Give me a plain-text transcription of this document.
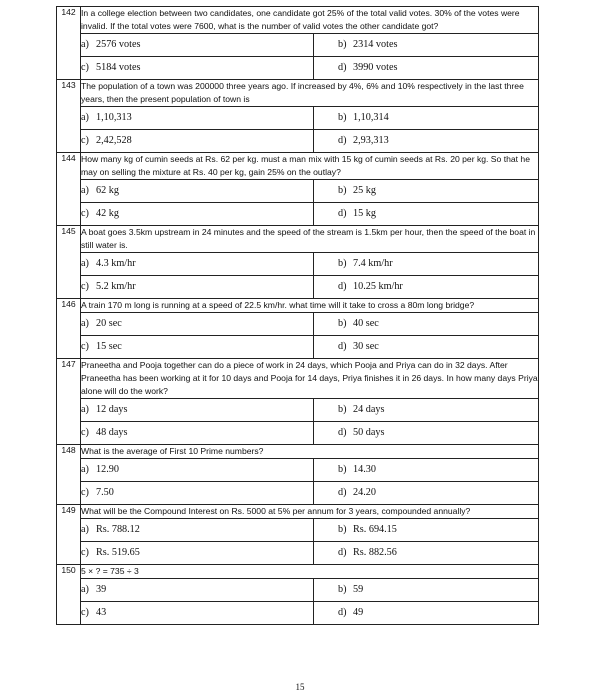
142	In a college election between two candidates, one candidate got 25% of the total valid votes. 30% of the votes were invalid. If the total votes were 7600, what is the number of valid votes the other candidate got?	
	a) 2576 votes	b) 2314 votes
	c) 5184 votes	d) 3990 votes
143	The population of a town was 200000 three years ago. If increased by 4%, 6% and 10% respectively in the last three years, then the present population of town is	
	a) 1,10,313	b) 1,10,314
	c) 2,42,528	d) 2,93,313
144	How many kg of cumin seeds at Rs. 62 per kg. must a man mix with 15 kg of cumin seeds at Rs. 20 per kg. So that he may on selling the mixture at Rs. 40 per kg, gain 25% on the outlay?	
	a) 62 kg	b) 25 kg
	c) 42 kg	d) 15 kg
145	A boat goes 3.5km upstream in 24 minutes and the speed of the stream is 1.5km per hour, then the speed of the boat in still water is.	
	a) 4.3 km/hr	b) 7.4 km/hr
	c) 5.2 km/hr	d) 10.25 km/hr
146	A train 170 m long is running at a speed of 22.5 km/hr. what time will it take to cross a 80m long bridge?	
	a) 20 sec	b) 40 sec
	c) 15 sec	d) 30 sec
147	Praneetha and Pooja together can do a piece of work in 24 days, which Pooja and Priya can do in 32 days. After Praneetha has been working at it for 10 days and Pooja for 14 days, Priya finishes it in 26 days. In how many days Priya alone will do the work?	
	a) 12 days	b) 24 days
	c) 48 days	d) 50 days
148	What is the average of First 10 Prime numbers?	
	a) 12.90	b) 14.30
	c) 7.50	d) 24.20
149	What will be the Compound Interest on Rs. 5000 at 5% per annum for 3 years, compounded annually?	
	a) Rs. 788.12	b) Rs. 694.15
	c) Rs. 519.65	d) Rs. 882.56
150	5 × ? = 735 ÷ 3	
	a) 39	b) 59
	c) 43	d) 49
15
